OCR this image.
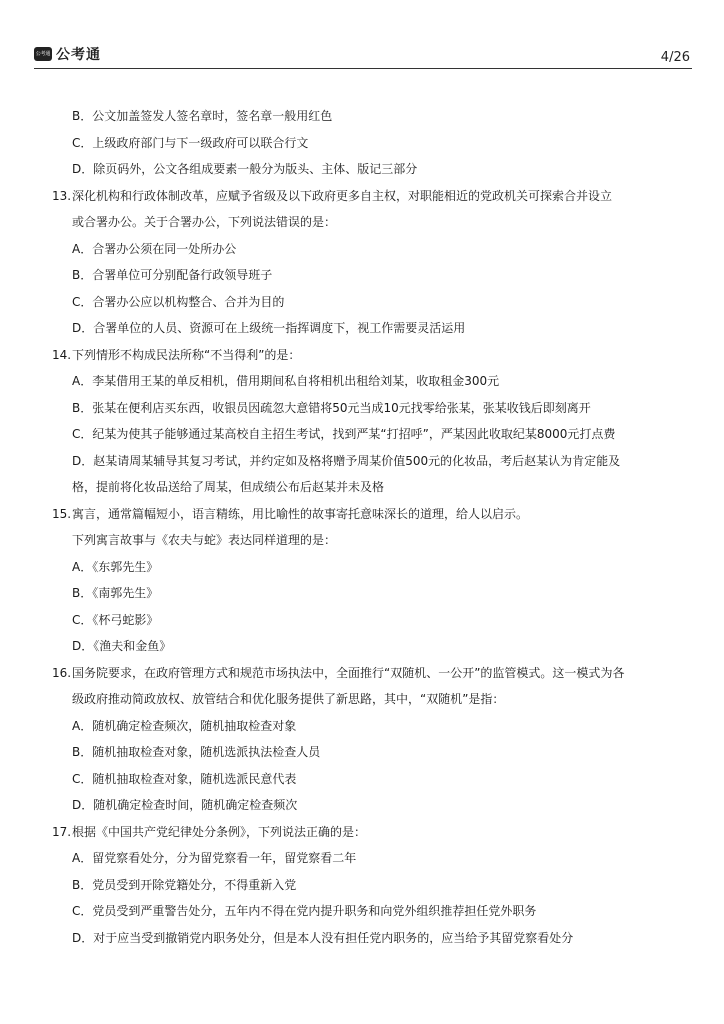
公考通 公考通	4/26
B．公文加盖签发人签名章时，签名章一般用红色
C．上级政府部门与下一级政府可以联合行文
D．除页码外，公文各组成要素一般分为版头、主体、版记三部分
13.深化机构和行政体制改革，应赋予省级及以下政府更多自主权，对职能相近的党政机关可探索合并设立
或合署办公。关于合署办公，下列说法错误的是：
A．合署办公须在同一处所办公
B．合署单位可分别配备行政领导班子
C．合署办公应以机构整合、合并为目的
D．合署单位的人员、资源可在上级统一指挥调度下，视工作需要灵活运用
14.下列情形不构成民法所称“不当得利”的是：
A．李某借用王某的单反相机，借用期间私自将相机出租给刘某，收取租金300元
B．张某在便利店买东西，收银员因疏忽大意错将50元当成10元找零给张某，张某收钱后即刻离开
C．纪某为使其子能够通过某高校自主招生考试，找到严某“打招呼”，严某因此收取纪某8000元打点费
D．赵某请周某辅导其复习考试，并约定如及格将赠予周某价值500元的化妆品，考后赵某认为肯定能及
格，提前将化妆品送给了周某，但成绩公布后赵某并未及格
15.寓言，通常篇幅短小，语言精练，用比喻性的故事寄托意味深长的道理，给人以启示。
下列寓言故事与《农夫与蛇》表达同样道理的是：
A．《东郭先生》
B．《南郭先生》
C．《杯弓蛇影》
D．《渔夫和金鱼》
16.国务院要求，在政府管理方式和规范市场执法中，全面推行“双随机、一公开”的监管模式。这一模式为各
级政府推动简政放权、放管结合和优化服务提供了新思路，其中，“双随机”是指：
A．随机确定检查频次，随机抽取检查对象
B．随机抽取检查对象，随机选派执法检查人员
C．随机抽取检查对象，随机选派民意代表
D．随机确定检查时间，随机确定检查频次
17.根据《中国共产党纪律处分条例》，下列说法正确的是：
A．留党察看处分，分为留党察看一年，留党察看二年
B．党员受到开除党籍处分，不得重新入党
C．党员受到严重警告处分，五年内不得在党内提升职务和向党外组织推荐担任党外职务
D．对于应当受到撤销党内职务处分，但是本人没有担任党内职务的，应当给予其留党察看处分
